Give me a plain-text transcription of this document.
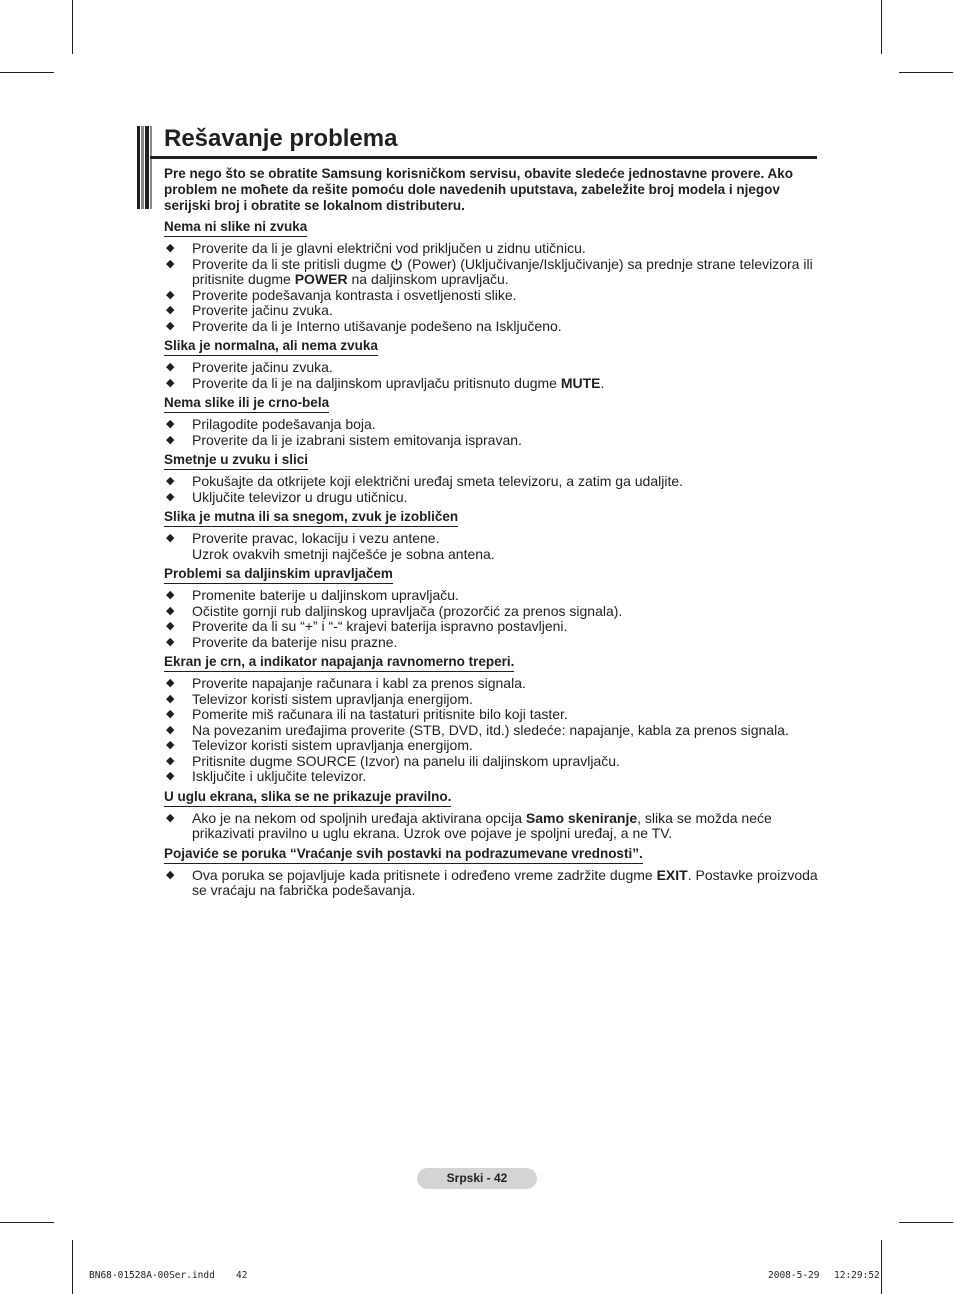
Rešavanje problema

Pre nego što se obratite Samsung korisničkom servisu, obavite sledeće jednostavne provere. Ako problem ne moћete da rešite pomoću dole navedenih uputstava, zabeležite broj modela i njegov serijski broj i obratite se lokalnom distributeru.

Nema ni slike ni zvuka
◆ Proverite da li je glavni električni vod priključen u zidnu utičnicu.
◆ Proverite da li ste pritisli dugme  (Power) (Uključivanje/Isključivanje) sa prednje strane televizora ili pritisnite dugme POWER na daljinskom upravljaču.
◆ Proverite podešavanja kontrasta i osvetljenosti slike.
◆ Proverite jačinu zvuka.
◆ Proverite da li je Interno utišavanje podešeno na Isključeno.
Slika je normalna, ali nema zvuka
◆ Proverite jačinu zvuka.
◆ Proverite da li je na daljinskom upravljaču pritisnuto dugme MUTE.
Nema slike ili je crno-bela
◆ Prilagodite podešavanja boja.
◆ Proverite da li je izabrani sistem emitovanja ispravan.
Smetnje u zvuku i slici
◆ Pokušajte da otkrijete koji električni uređaj smeta televizoru, a zatim ga udaljite.
◆ Uključite televizor u drugu utičnicu.
Slika je mutna ili sa snegom, zvuk je izobličen
◆ Proverite pravac, lokaciju i vezu antene.
Uzrok ovakvih smetnji najčešće je sobna antena.
Problemi sa daljinskim upravljačem
◆ Promenite baterije u daljinskom upravljaču.
◆ Očistite gornji rub daljinskog upravljača (prozorčić za prenos signala).
◆ Proverite da li su “+” i “-“ krajevi baterija ispravno postavljeni.
◆ Proverite da baterije nisu prazne.
Ekran je crn, a indikator napajanja ravnomerno treperi.
◆ Proverite napajanje računara i kabl za prenos signala.
◆ Televizor koristi sistem upravljanja energijom.
◆ Pomerite miš računara ili na tastaturi pritisnite bilo koji taster.
◆ Na povezanim uređajima proverite (STB, DVD, itd.) sledeće: napajanje, kabla za prenos signala.
◆ Televizor koristi sistem upravljanja energijom.
◆ Pritisnite dugme SOURCE (Izvor) na panelu ili daljinskom upravljaču.
◆ Isključite i uključite televizor.
U uglu ekrana, slika se ne prikazuje pravilno.
◆ Ako je na nekom od spoljnih uređaja aktivirana opcija Samo skeniranje, slika se možda neće prikazivati pravilno u uglu ekrana. Uzrok ove pojave je spoljni uređaj, a ne TV.
Pojaviće se poruka “Vraćanje svih postavki na podrazumevane vrednosti”.
◆ Ova poruka se pojavljuje kada pritisnete i određeno vreme zadržite dugme EXIT. Postavke proizvoda se vraćaju na fabrička podešavanja.
Srpski - 42
BN68-01528A-00Ser.indd 42	2008-5-29 12:29:52
